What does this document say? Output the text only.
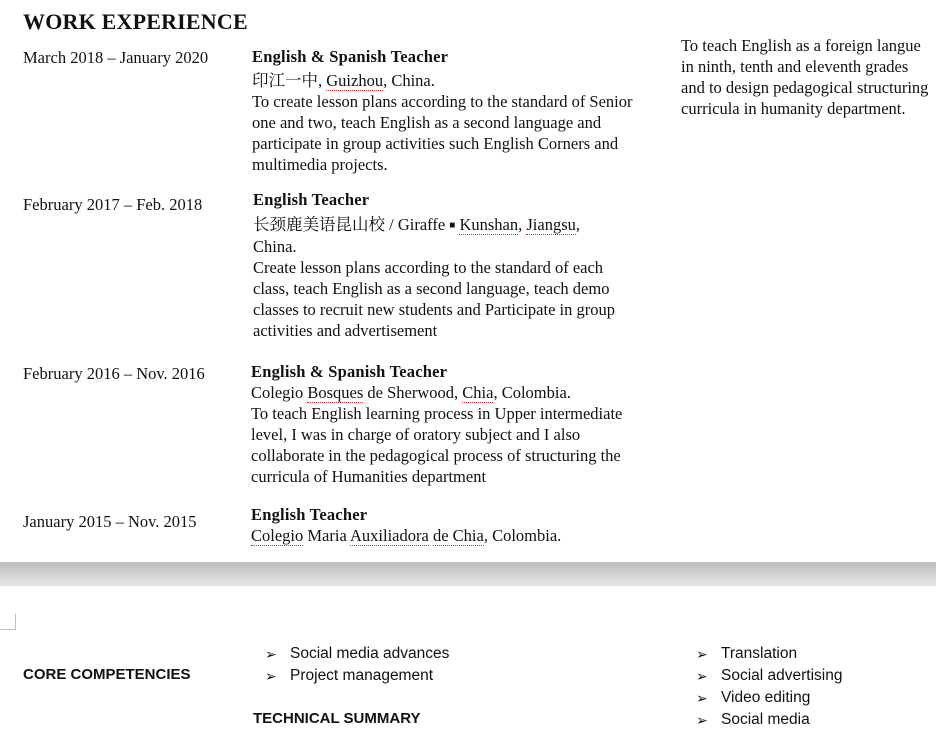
WORK EXPERIENCE
March 2018 – January 2020	English & Spanish Teacher
印江一中, Guizhou, China.
To create lesson plans according to the standard of Senior one and two, teach English as a second language and participate in group activities such English Corners and multimedia projects.
February 2017 – Feb. 2018	English Teacher
长颈鹿美语昆山校 / Giraffe ■ Kunshan, Jiangsu, China.
Create lesson plans according to the standard of each class, teach English as a second language, teach demo classes to recruit new students and Participate in group activities and advertisement
February 2016 – Nov. 2016	English & Spanish Teacher
Colegio Bosques de Sherwood, Chia, Colombia.
To teach English learning process in Upper intermediate level, I was in charge of oratory subject and I also collaborate in the pedagogical process of structuring the curricula of Humanities department
January 2015 – Nov. 2015	English Teacher
Colegio Maria Auxiliadora de Chia, Colombia.
To teach English as a foreign langue in ninth, tenth and eleventh grades and to design pedagogical structuring curricula in humanity department.
CORE COMPETENCIES
➢ Social media advances
➢ Project management
TECHNICAL SUMMARY
➢ Translation
➢ Social advertising
➢ Video editing
➢ Social media
